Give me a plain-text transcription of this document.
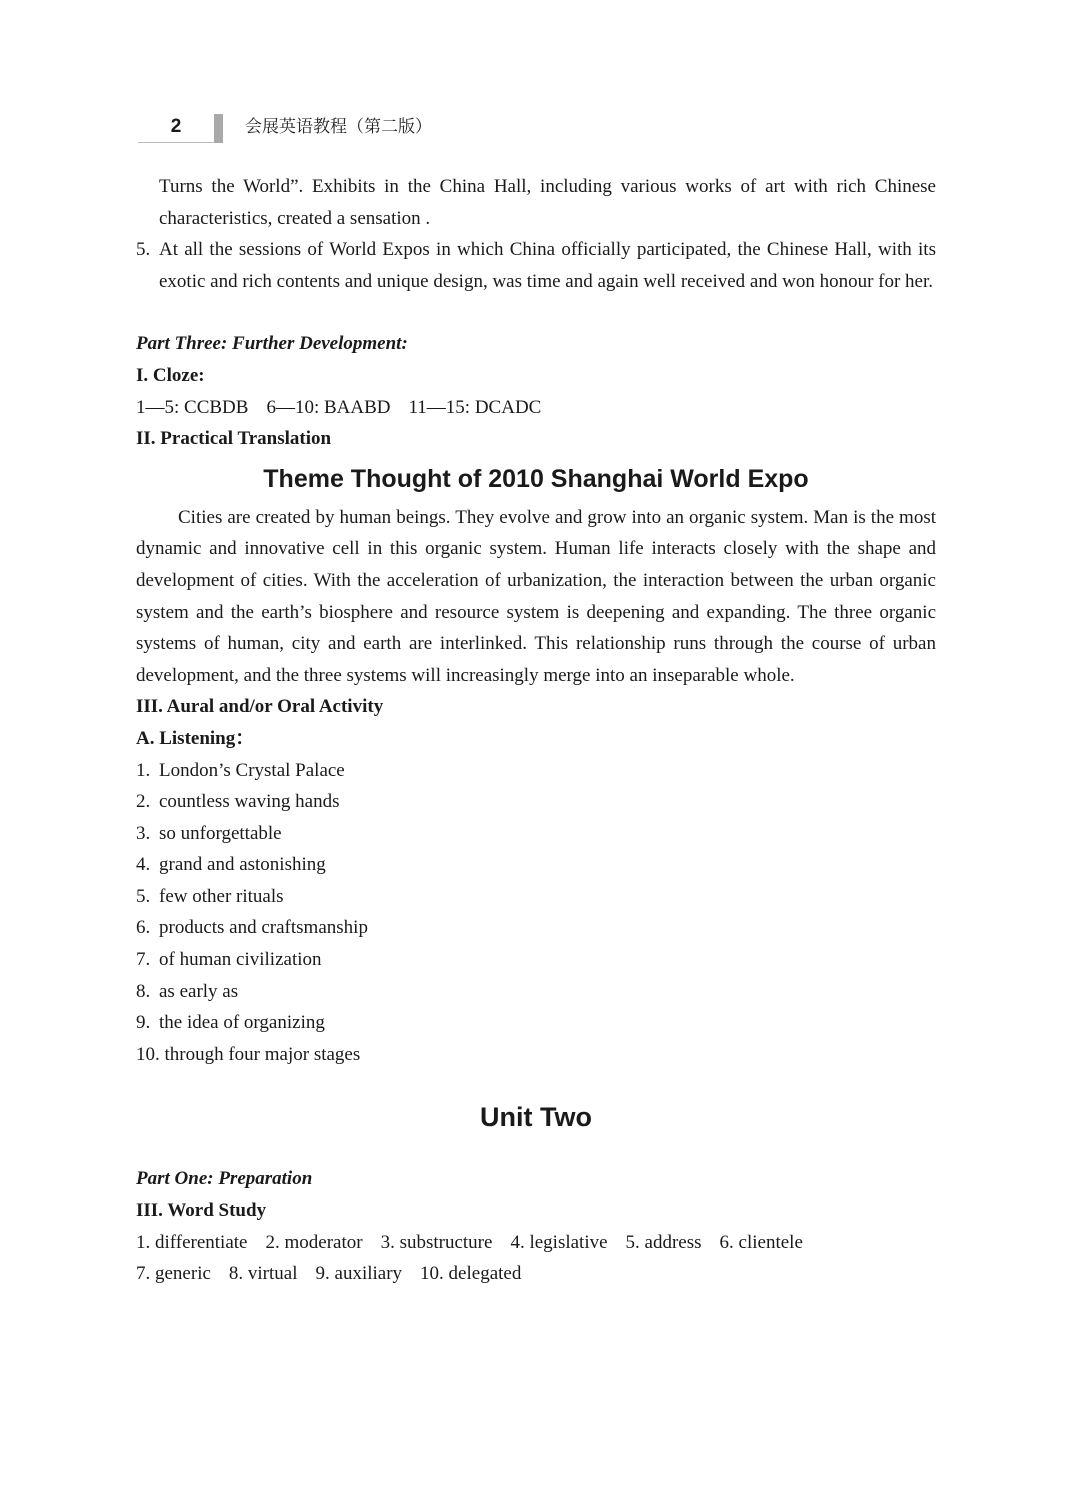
2	会展英语教程（第二版）

Turns the World”. Exhibits in the China Hall, including various works of art with rich Chinese characteristics, created a sensation .

5. At all the sessions of World Expos in which China officially participated, the Chinese Hall, with its exotic and rich contents and unique design, was time and again well received and won honour for her.

Part Three: Further Development:

I. Cloze:

1—5: CCBDB 6—10: BAABD 11—15: DCADC

II. Practical Translation

Theme Thought of 2010 Shanghai World Expo

Cities are created by human beings. They evolve and grow into an organic system. Man is the most dynamic and innovative cell in this organic system. Human life interacts closely with the shape and development of cities. With the acceleration of urbanization, the interaction between the urban organic system and the earth’s biosphere and resource system is deepening and expanding. The three organic systems of human, city and earth are interlinked. This relationship runs through the course of urban development, and the three systems will increasingly merge into an inseparable whole.

III. Aural and/or Oral Activity

A. Listening：

1. London’s Crystal Palace
2. countless waving hands
3. so unforgettable
4. grand and astonishing
5. few other rituals
6. products and craftsmanship
7. of human civilization
8. as early as
9. the idea of organizing
10.
through four major stages

Unit Two

Part One: Preparation

III. Word Study

1. differentiate 2. moderator 3. substructure 4. legislative 5. address 6. clientele

7. generic 8. virtual 9. auxiliary 10. delegated
